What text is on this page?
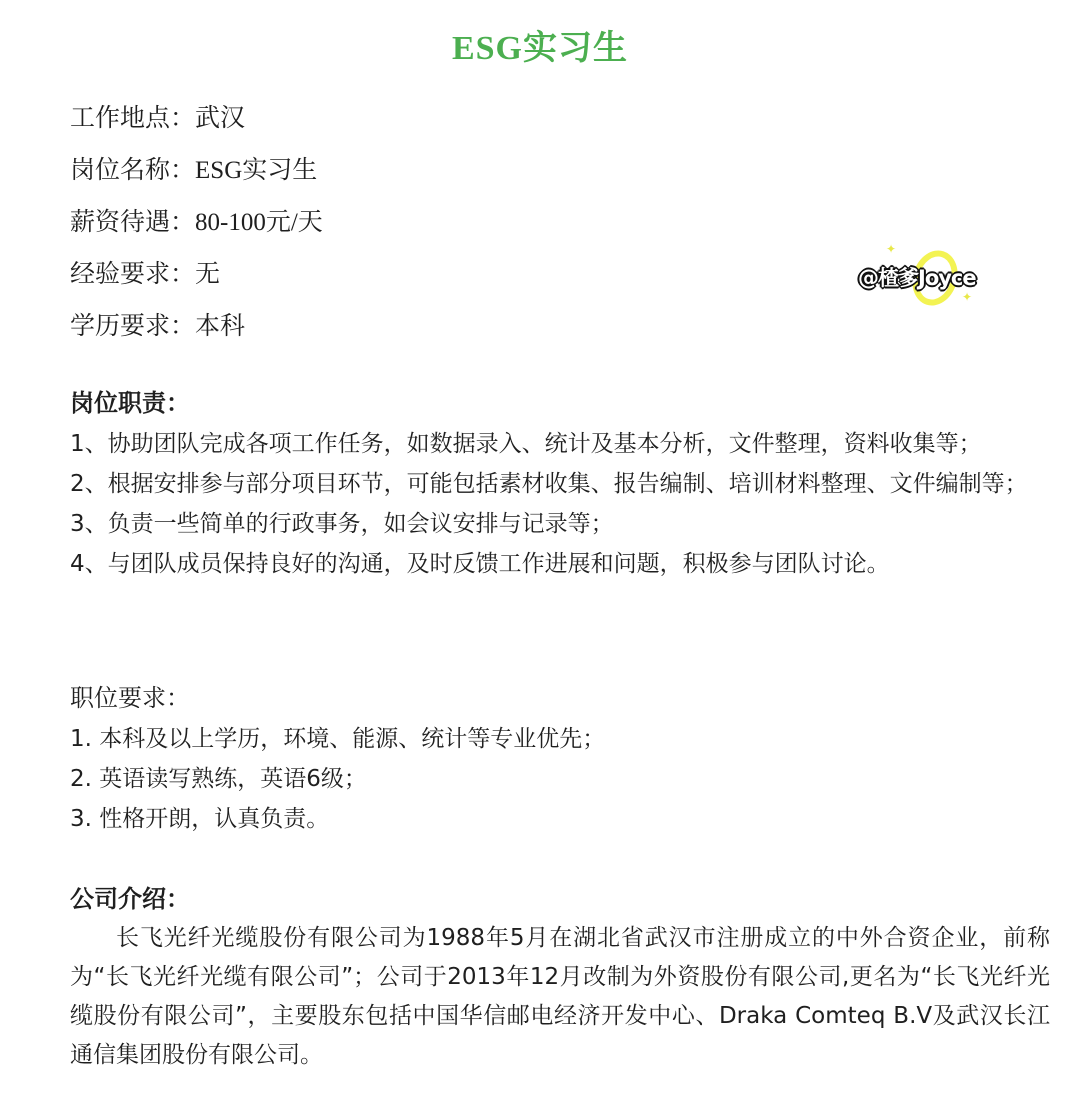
ESG实习生
工作地点：武汉
岗位名称：ESG实习生
薪资待遇：80-100元/天
经验要求：无
学历要求：本科
✦
✦
@楂爹Joyce
岗位职责：
1、协助团队完成各项工作任务，如数据录入、统计及基本分析，文件整理，资料收集等；
2、根据安排参与部分项目环节，可能包括素材收集、报告编制、培训材料整理、文件编制等；
3、负责一些简单的行政事务，如会议安排与记录等；
4、与团队成员保持良好的沟通，及时反馈工作进展和问题，积极参与团队讨论。
职位要求：
1. 本科及以上学历，环境、能源、统计等专业优先；
2. 英语读写熟练，英语6级；
3. 性格开朗，认真负责。
公司介绍：
长飞光纤光缆股份有限公司为1988年5月在湖北省武汉市注册成立的中外合资企业，前称为“长飞光纤光缆有限公司”；公司于2013年12月改制为外资股份有限公司,更名为“长飞光纤光缆股份有限公司”，主要股东包括中国华信邮电经济开发中心、Draka Comteq B.V及武汉长江通信集团股份有限公司。
